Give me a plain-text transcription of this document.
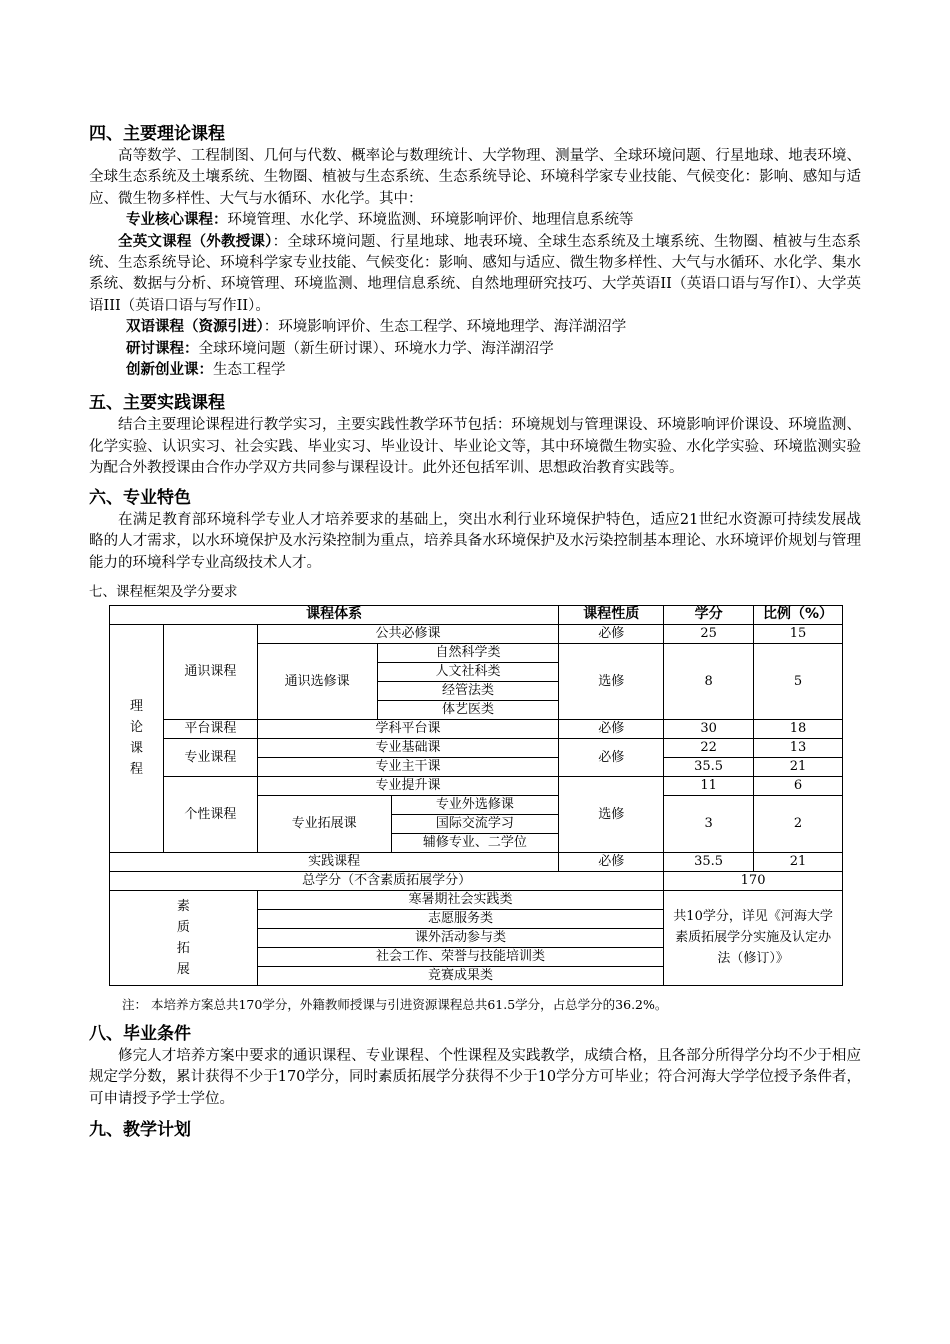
四、主要理论课程

高等数学、工程制图、几何与代数、概率论与数理统计、大学物理、测量学、全球环境问题、行星地球、地表环境、全球生态系统及土壤系统、生物圈、植被与生态系统、生态系统导论、环境科学家专业技能、气候变化：影响、感知与适应、微生物多样性、大气与水循环、水化学。其中：

专业核心课程：环境管理、水化学、环境监测、环境影响评价、地理信息系统等

全英文课程（外教授课）：全球环境问题、行星地球、地表环境、全球生态系统及土壤系统、生物圈、植被与生态系统、生态系统导论、环境科学家专业技能、气候变化：影响、感知与适应、微生物多样性、大气与水循环、水化学、集水系统、数据与分析、环境管理、环境监测、地理信息系统、自然地理研究技巧、大学英语II（英语口语与写作I）、大学英语III（英语口语与写作II）。

双语课程（资源引进）：环境影响评价、生态工程学、环境地理学、海洋湖沼学

研讨课程：全球环境问题（新生研讨课）、环境水力学、海洋湖沼学

创新创业课：生态工程学

五、主要实践课程

结合主要理论课程进行教学实习，主要实践性教学环节包括：环境规划与管理课设、环境影响评价课设、环境监测、化学实验、认识实习、社会实践、毕业实习、毕业设计、毕业论文等，其中环境微生物实验、水化学实验、环境监测实验为配合外教授课由合作办学双方共同参与课程设计。此外还包括军训、思想政治教育实践等。

六、专业特色

在满足教育部环境科学专业人才培养要求的基础上，突出水利行业环境保护特色，适应21世纪水资源可持续发展战略的人才需求，以水环境保护及水污染控制为重点，培养具备水环境保护及水污染控制基本理论、水环境评价规划与管理能力的环境科学专业高级技术人才。

七、课程框架及学分要求
课程体系					课程性质	学分	比例（%）
理论课程	通识课程	公共必修课			必修	25	15
		通识选修课	自然科学类		选修	8	5
			人文社科类				
			经管法类				
			体艺医类				
	平台课程	学科平台课			必修	30	18
	专业课程	专业基础课			必修	22	13
		专业主干课				35.5	21
	个性课程	专业提升课			选修	11	6
		专业拓展课		专业外选修课		3	2
				国际交流学习			
				辅修专业、二学位			
实践课程					必修	35.5	21
总学分（不含素质拓展学分）						170	
素质拓展		寒暑期社会实践类				共10学分，详见《河海大学素质拓展学分实施及认定办法（修订）》	
		志愿服务类					
		课外活动参与类					
		社会工作、荣誉与技能培训类					
		竞赛成果类					
注： 本培养方案总共170学分，外籍教师授课与引进资源课程总共61.5学分，占总学分的36.2%。
八、毕业条件

修完人才培养方案中要求的通识课程、专业课程、个性课程及实践教学，成绩合格，且各部分所得学分均不少于相应规定学分数，累计获得不少于170学分，同时素质拓展学分获得不少于10学分方可毕业；符合河海大学学位授予条件者，可申请授予学士学位。

九、教学计划
